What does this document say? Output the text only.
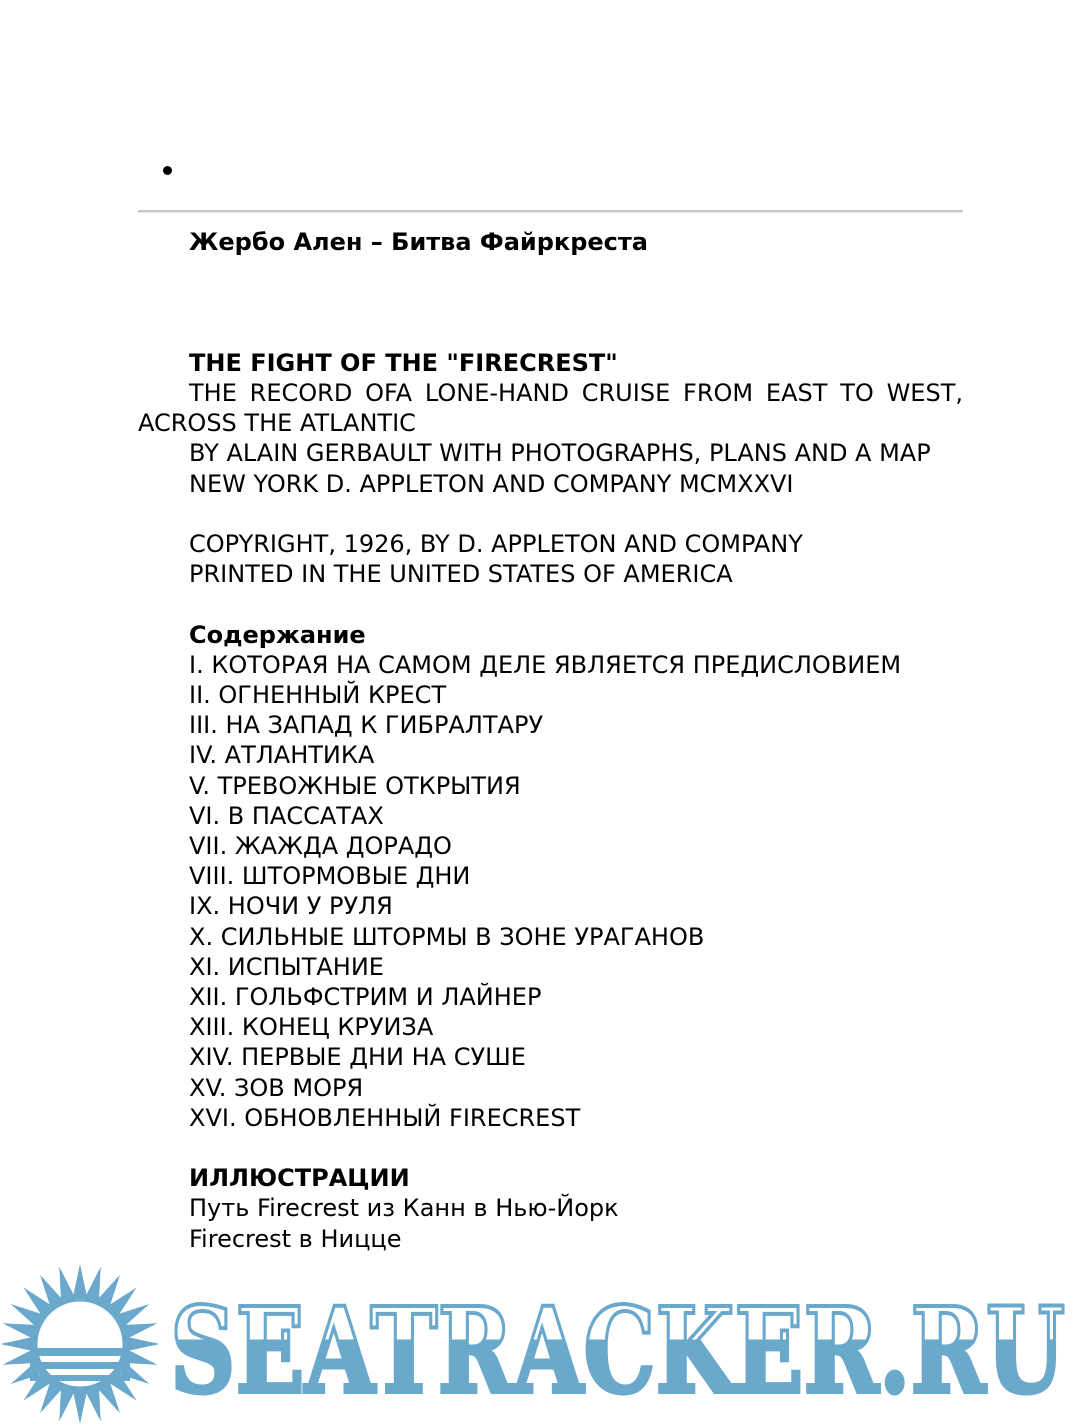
Жербо Ален – Битва Файркреста

THE FIGHT OF THE "FIRECREST"

THE RECORD OFA LONE-HAND CRUISE FROM EAST TO WEST, ACROSS THE ATLANTIC

BY ALAIN GERBAULT WITH PHOTOGRAPHS, PLANS AND A MAP

NEW YORK D. APPLETON AND COMPANY MCMXXVI

COPYRIGHT, 1926, BY D. APPLETON AND COMPANY

PRINTED IN THE UNITED STATES OF AMERICA

Содержание

I. КОТОРАЯ НА САМОМ ДЕЛЕ ЯВЛЯЕТСЯ ПРЕДИСЛОВИЕМ

II. ОГНЕННЫЙ КРЕСТ

III. НА ЗАПАД К ГИБРАЛТАРУ

IV. АТЛАНТИКА

V. ТРЕВОЖНЫЕ ОТКРЫТИЯ

VI. В ПАССАТАХ

VII. ЖАЖДА ДОРАДО

VIII. ШТОРМОВЫЕ ДНИ

IX. НОЧИ У РУЛЯ

X. СИЛЬНЫЕ ШТОРМЫ В ЗОНЕ УРАГАНОВ

XI. ИСПЫТАНИЕ

XII. ГОЛЬФСТРИМ И ЛАЙНЕР

XIII. КОНЕЦ КРУИЗА

XIV. ПЕРВЫЕ ДНИ НА СУШЕ

XV. ЗОВ МОРЯ

XVI. ОБНОВЛЕННЫЙ FIRECREST

ИЛЛЮСТРАЦИИ

Путь Firecrest из Канн в Нью-Йорк

Firecrest в Ницце

SEATRACKER.RU
